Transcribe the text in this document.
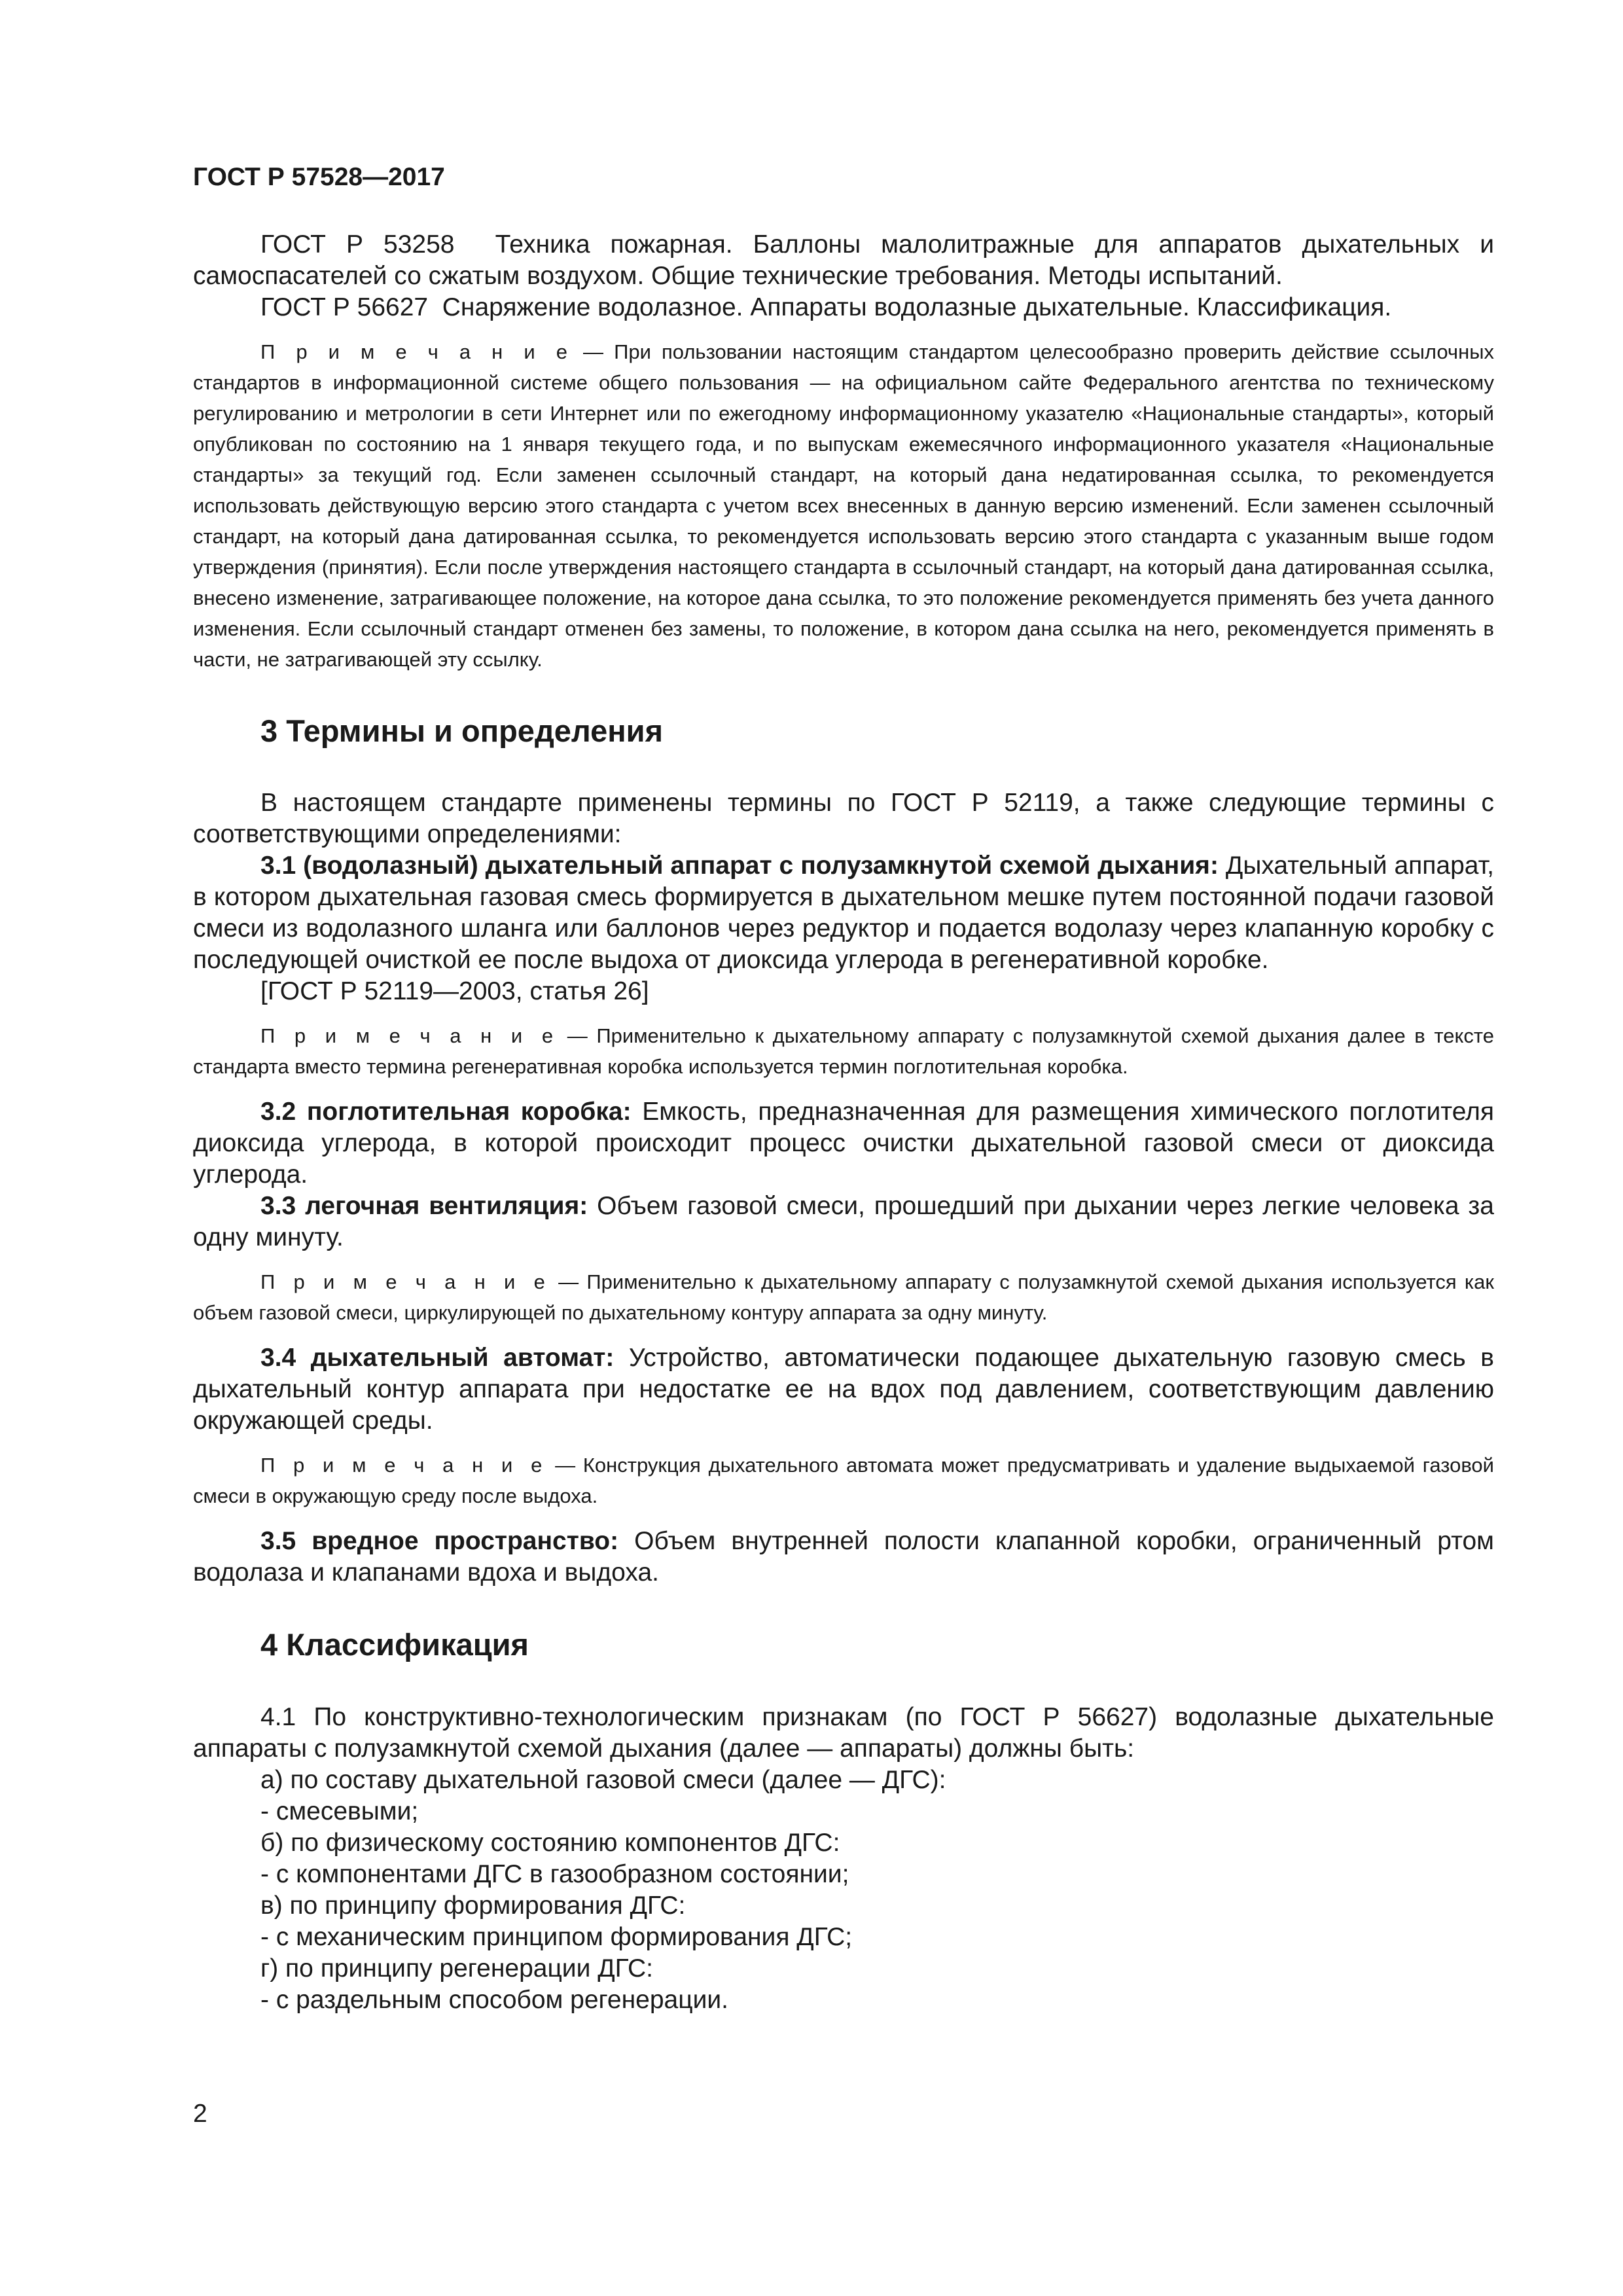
ГОСТ Р 57528—2017

ГОСТ Р 53258 Техника пожарная. Баллоны малолитражные для аппаратов дыхательных и самоспасателей со сжатым воздухом. Общие технические требования. Методы испытаний.

ГОСТ Р 56627 Снаряжение водолазное. Аппараты водолазные дыхательные. Классификация.

П р и м е ч а н и е — При пользовании настоящим стандартом целесообразно проверить действие ссылочных стандартов в информационной системе общего пользования — на официальном сайте Федерального агентства по техническому регулированию и метрологии в сети Интернет или по ежегодному информационному указателю «Национальные стандарты», который опубликован по состоянию на 1 января текущего года, и по выпускам ежемесячного информационного указателя «Национальные стандарты» за текущий год. Если заменен ссылочный стандарт, на который дана недатированная ссылка, то рекомендуется использовать действующую версию этого стандарта с учетом всех внесенных в данную версию изменений. Если заменен ссылочный стандарт, на который дана датированная ссылка, то рекомендуется использовать версию этого стандарта с указанным выше годом утверждения (принятия). Если после утверждения настоящего стандарта в ссылочный стандарт, на который дана датированная ссылка, внесено изменение, затрагивающее положение, на которое дана ссылка, то это положение рекомендуется применять без учета данного изменения. Если ссылочный стандарт отменен без замены, то положение, в котором дана ссылка на него, рекомендуется применять в части, не затрагивающей эту ссылку.

3 Термины и определения

В настоящем стандарте применены термины по ГОСТ Р 52119, а также следующие термины с соответствующими определениями:

3.1 (водолазный) дыхательный аппарат с полузамкнутой схемой дыхания: Дыхательный аппарат, в котором дыхательная газовая смесь формируется в дыхательном мешке путем постоянной подачи газовой смеси из водолазного шланга или баллонов через редуктор и подается водолазу через клапанную коробку с последующей очисткой ее после выдоха от диоксида углерода в регенеративной коробке.

[ГОСТ Р 52119—2003, статья 26]

П р и м е ч а н и е — Применительно к дыхательному аппарату с полузамкнутой схемой дыхания далее в тексте стандарта вместо термина регенеративная коробка используется термин поглотительная коробка.

3.2 поглотительная коробка: Емкость, предназначенная для размещения химического поглотителя диоксида углерода, в которой происходит процесс очистки дыхательной газовой смеси от диоксида углерода.

3.3 легочная вентиляция: Объем газовой смеси, прошедший при дыхании через легкие человека за одну минуту.

П р и м е ч а н и е — Применительно к дыхательному аппарату с полузамкнутой схемой дыхания используется как объем газовой смеси, циркулирующей по дыхательному контуру аппарата за одну минуту.

3.4 дыхательный автомат: Устройство, автоматически подающее дыхательную газовую смесь в дыхательный контур аппарата при недостатке ее на вдох под давлением, соответствующим давлению окружающей среды.

П р и м е ч а н и е — Конструкция дыхательного автомата может предусматривать и удаление выдыхаемой газовой смеси в окружающую среду после выдоха.

3.5 вредное пространство: Объем внутренней полости клапанной коробки, ограниченный ртом водолаза и клапанами вдоха и выдоха.

4 Классификация

4.1 По конструктивно-технологическим признакам (по ГОСТ Р 56627) водолазные дыхательные аппараты с полузамкнутой схемой дыхания (далее — аппараты) должны быть:

а) по составу дыхательной газовой смеси (далее — ДГС):

- смесевыми;

б) по физическому состоянию компонентов ДГС:

- с компонентами ДГС в газообразном состоянии;

в) по принципу формирования ДГС:

- с механическим принципом формирования ДГС;

г) по принципу регенерации ДГС:

- с раздельным способом регенерации.

2
